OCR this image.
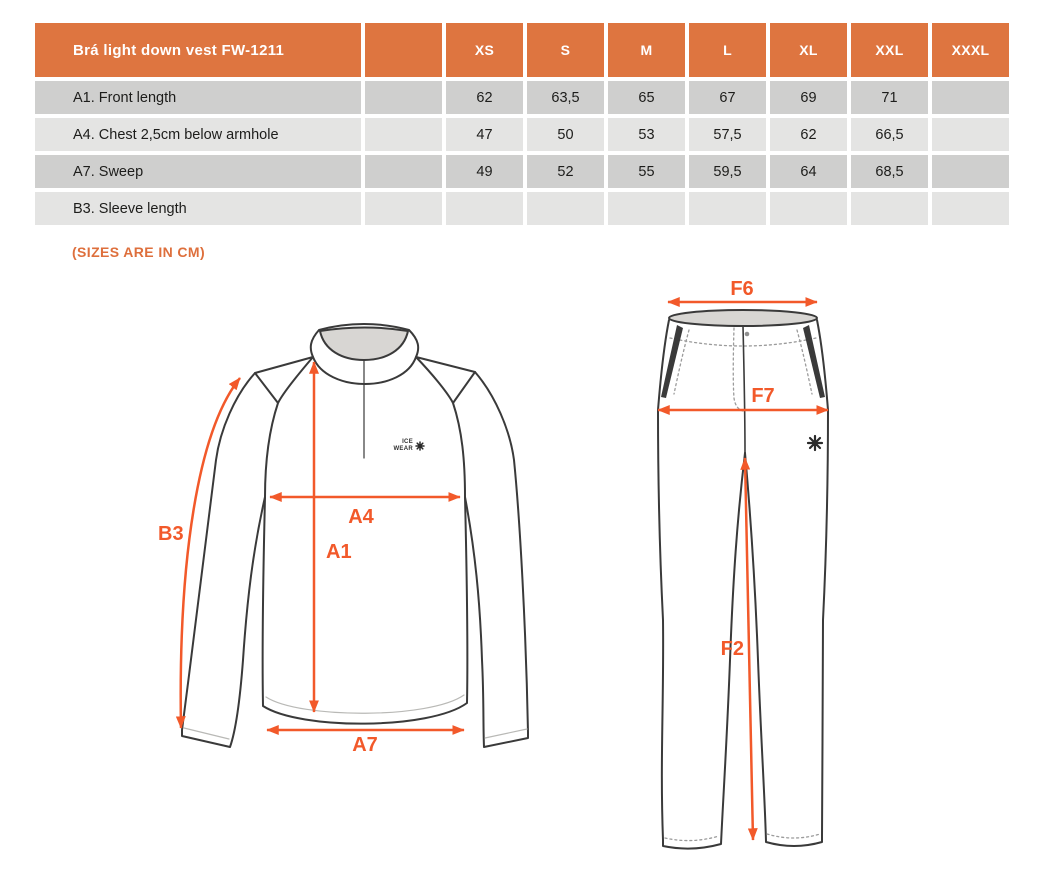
Brá light down vest FW-1211		XS	S	M	L	XL	XXL	XXXL
A1. Front length		62	63,5	65	67	69	71	
A4. Chest 2,5cm below armhole		47	50	53	57,5	62	66,5	
A7. Sweep		49	52	55	59,5	64	68,5	
B3. Sleeve length								
(SIZES ARE IN CM)
ICE
WEAR
B3
A1
A4
A7
F6
F7
F2
